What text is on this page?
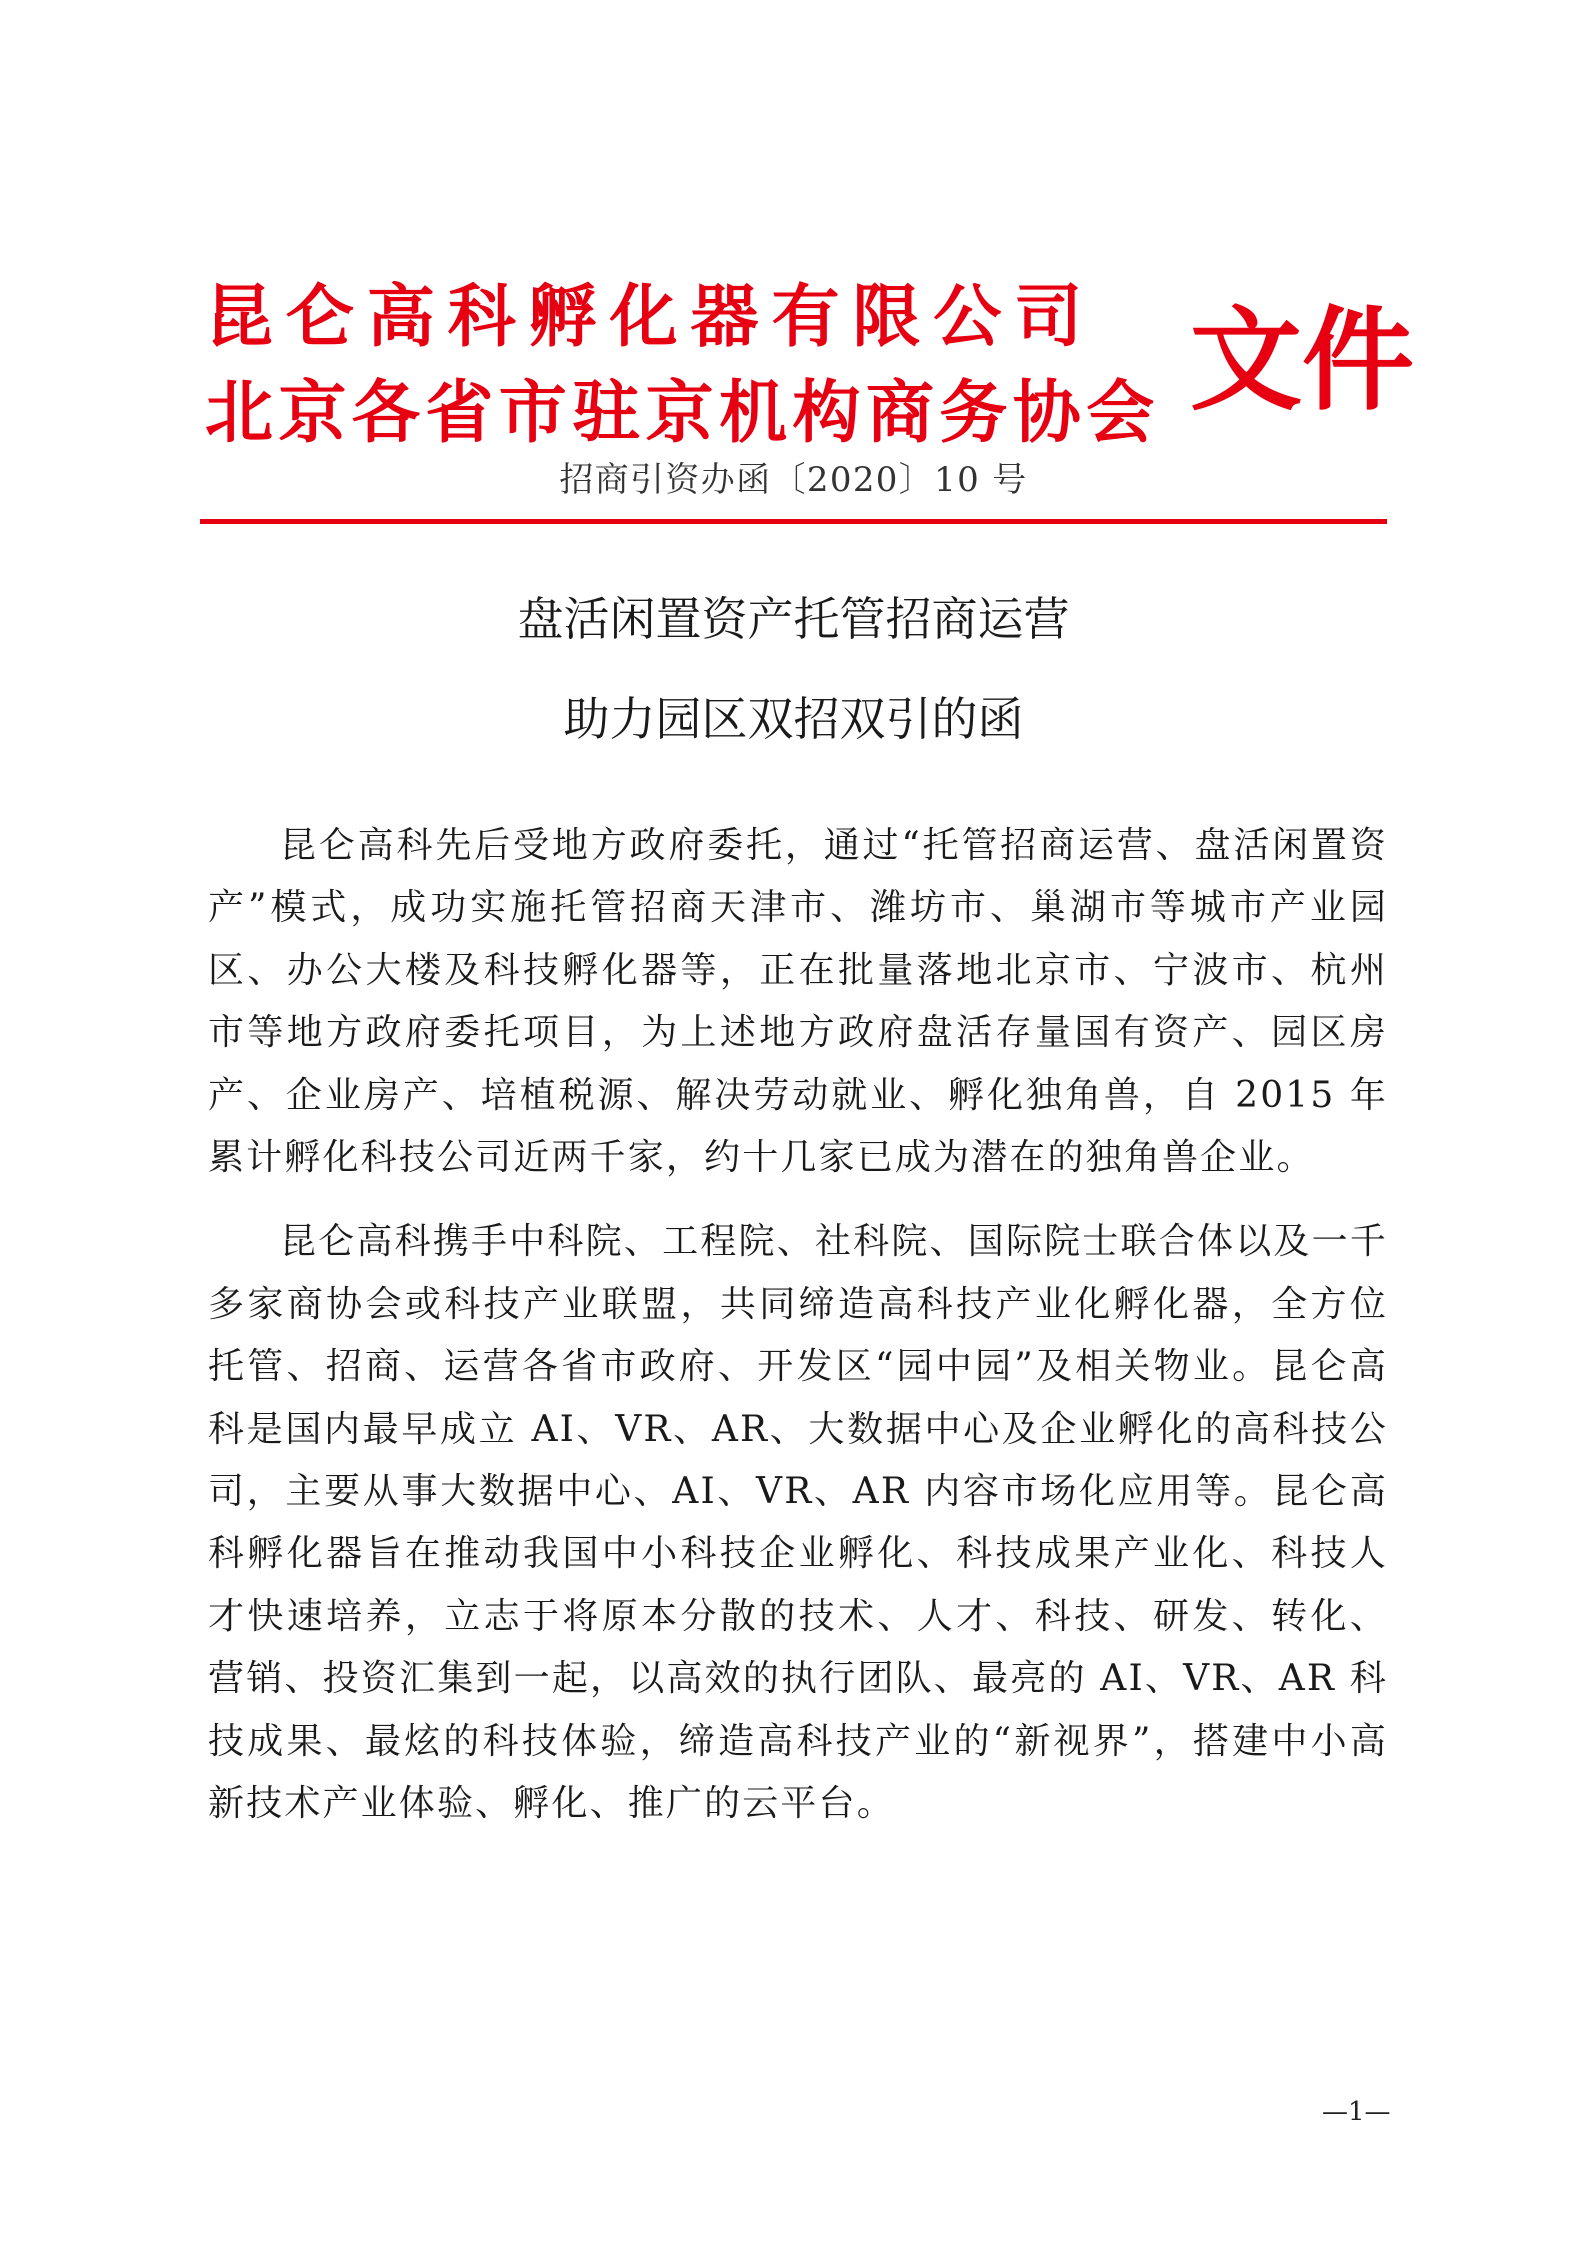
昆仑高科孵化器有限公司
北京各省市驻京机构商务协会 文件
招商引资办函〔2020〕10 号
盘活闲置资产托管招商运营
助力园区双招双引的函

昆仑高科先后受地方政府委托，通过“托管招商运营、盘活闲置资产”模式，成功实施托管招商天津市、潍坊市、巢湖市等城市产业园区、办公大楼及科技孵化器等，正在批量落地北京市、宁波市、杭州市等地方政府委托项目，为上述地方政府盘活存量国有资产、园区房产、企业房产、培植税源、解决劳动就业、孵化独角兽，自 2015 年累计孵化科技公司近两千家，约十几家已成为潜在的独角兽企业。

昆仑高科携手中科院、工程院、社科院、国际院士联合体以及一千多家商协会或科技产业联盟，共同缔造高科技产业化孵化器，全方位托管、招商、运营各省市政府、开发区“园中园”及相关物业。昆仑高科是国内最早成立 AI、VR、AR、大数据中心及企业孵化的高科技公司，主要从事大数据中心、AI、VR、AR 内容市场化应用等。昆仑高科孵化器旨在推动我国中小科技企业孵化、科技成果产业化、科技人才快速培养，立志于将原本分散的技术、人才、科技、研发、转化、营销、投资汇集到一起，以高效的执行团队、最亮的 AI、VR、AR 科技成果、最炫的科技体验，缔造高科技产业的“新视界”，搭建中小高新技术产业体验、孵化、推广的云平台。

—1—
